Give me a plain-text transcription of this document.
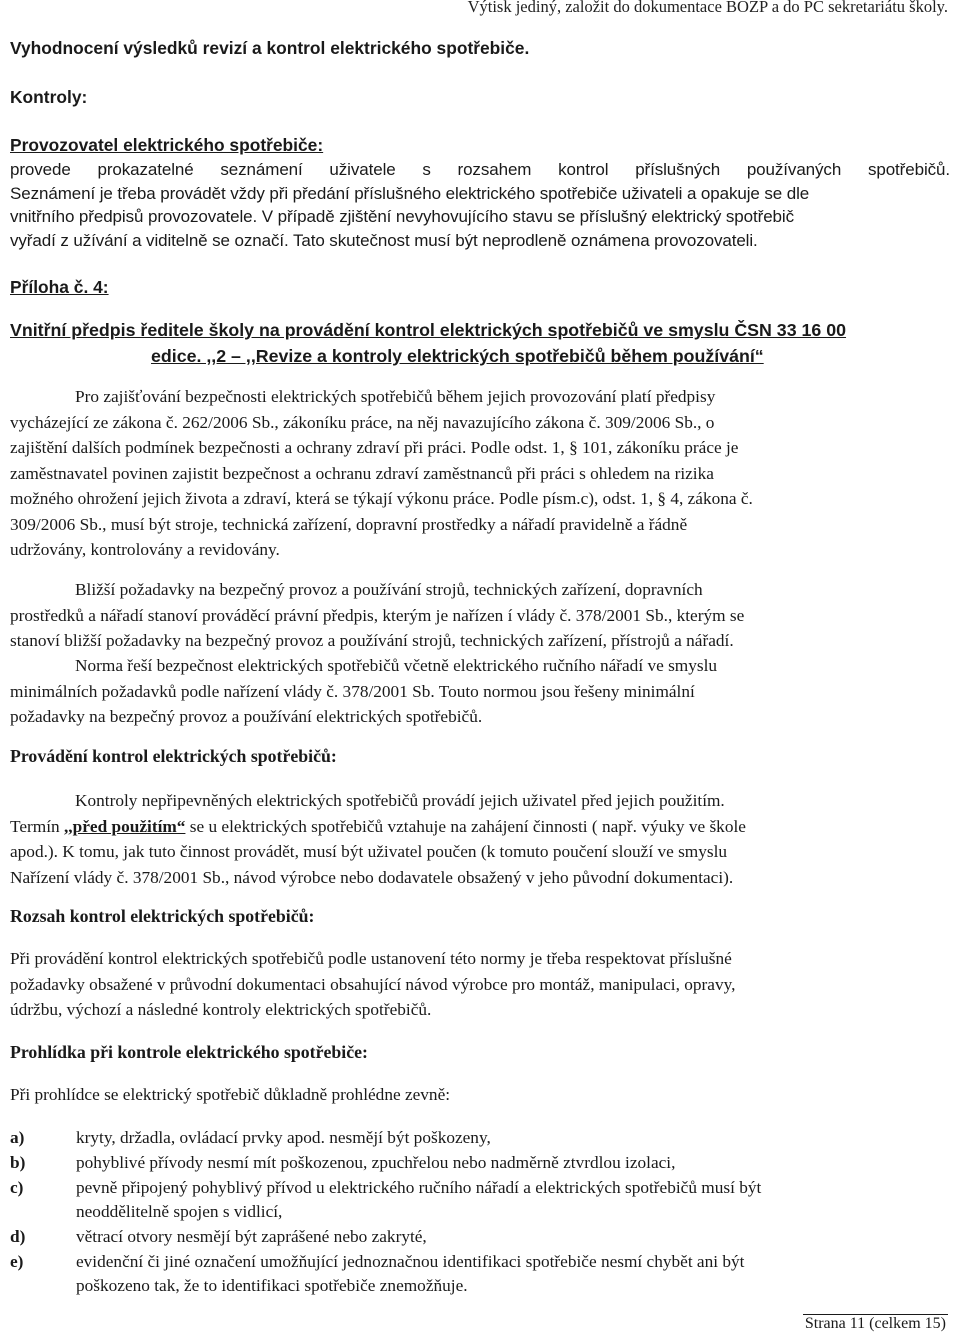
Výtisk jediný, založit do dokumentace BOZP a do PC sekretariátu školy.
Vyhodnocení výsledků revizí a kontrol elektrického spotřebiče.
Kontroly:
Provozovatel elektrického spotřebiče:
provede prokazatelné seznámení uživatele s rozsahem kontrol příslušných používaných spotřebičů.
Seznámení je třeba provádět vždy při předání příslušného elektrického spotřebiče uživateli a opakuje se dle
vnitřního předpisů provozovatele. V případě zjištění nevyhovujícího stavu se příslušný elektrický spotřebič
vyřadí z užívání a viditelně se označí. Tato skutečnost musí být neprodleně oznámena provozovateli.
Příloha č. 4:
Vnitřní předpis ředitele školy na provádění kontrol elektrických spotřebičů ve smyslu ČSN 33 16 00
edice. ,,2 – ,,Revize a kontroly elektrických spotřebičů během používání“
Pro zajišťování bezpečnosti elektrických spotřebičů během jejich provozování platí předpisy
vycházející ze zákona č. 262/2006 Sb., zákoníku práce, na něj navazujícího zákona č. 309/2006 Sb., o
zajištění dalších podmínek bezpečnosti a ochrany zdraví při práci. Podle odst. 1, § 101, zákoníku práce je
zaměstnavatel povinen zajistit bezpečnost a ochranu zdraví zaměstnanců při práci s ohledem na rizika
možného ohrožení jejich života a zdraví, která se týkají výkonu práce. Podle písm.c), odst. 1, § 4, zákona č.
309/2006 Sb., musí být stroje, technická zařízení, dopravní prostředky a nářadí pravidelně a řádně
udržovány, kontrolovány a revidovány.
Bližší požadavky na bezpečný provoz a používání strojů, technických zařízení, dopravních
prostředků a nářadí stanoví prováděcí právní předpis, kterým je nařízen í vlády č. 378/2001 Sb., kterým se
stanoví bližší požadavky na bezpečný provoz a používání strojů, technických zařízení, přístrojů a nářadí.
Norma řeší bezpečnost elektrických spotřebičů včetně elektrického ručního nářadí ve smyslu
minimálních požadavků podle nařízení vlády č. 378/2001 Sb. Touto normou jsou řešeny minimální
požadavky na bezpečný provoz a používání elektrických spotřebičů.
Provádění kontrol elektrických spotřebičů:
Kontroly nepřipevněných elektrických spotřebičů provádí jejich uživatel před jejich použitím.
Termín ,,před použitím“ se u elektrických spotřebičů vztahuje na zahájení činnosti ( např. výuky ve škole
apod.). K tomu, jak tuto činnost provádět, musí být uživatel poučen (k tomuto poučení slouží ve smyslu
Nařízení vlády č. 378/2001 Sb., návod výrobce nebo dodavatele obsažený v jeho původní dokumentaci).
Rozsah kontrol elektrických spotřebičů:
Při provádění kontrol elektrických spotřebičů podle ustanovení této normy je třeba respektovat příslušné
požadavky obsažené v průvodní dokumentaci obsahující návod výrobce pro montáž, manipulaci, opravy,
údržbu, výchozí a následné kontroly elektrických spotřebičů.
Prohlídka při kontrole elektrického spotřebiče:
Při prohlídce se elektrický spotřebič důkladně prohlédne zevně:
a)	kryty, držadla, ovládací prvky apod. nesmějí být poškozeny,
b)	pohyblivé přívody nesmí mít poškozenou, zpuchřelou nebo nadměrně ztvrdlou izolaci,
c)	pevně připojený pohyblivý přívod u elektrického ručního nářadí a elektrických spotřebičů musí být
neoddělitelně spojen s vidlicí,
d)	větrací otvory nesmějí být zaprášené nebo zakryté,
e)	evidenční či jiné označení umožňující jednoznačnou identifikaci spotřebiče nesmí chybět ani být
poškozeno tak, že to identifikaci spotřebiče znemožňuje.
Strana 11 (celkem 15)
